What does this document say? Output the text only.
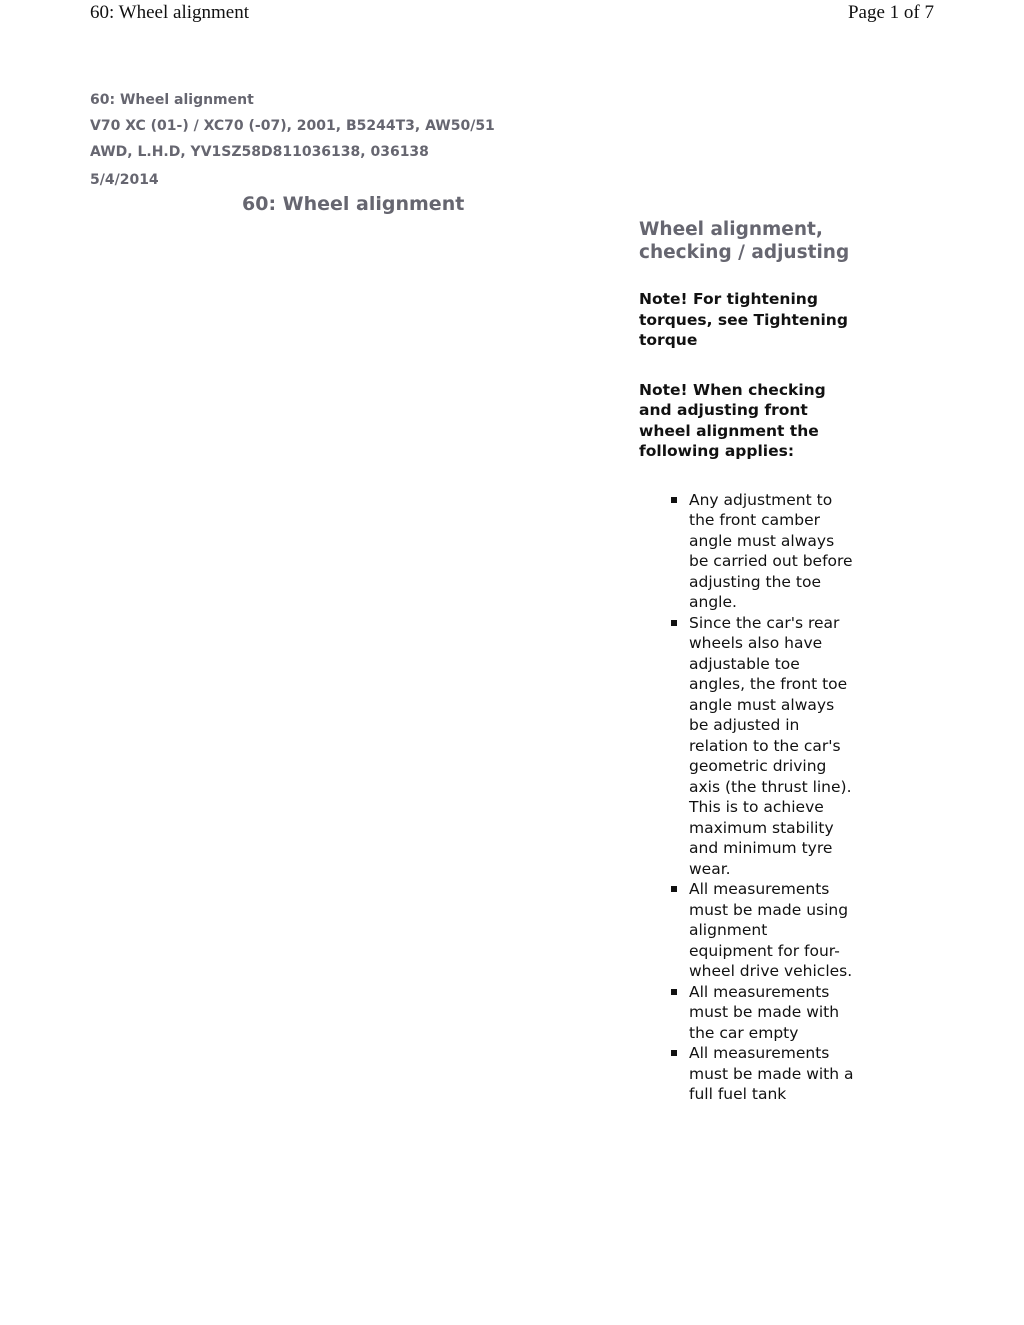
60: Wheel alignment	Page 1 of 7
60: Wheel alignment
V70 XC (01-) / XC70 (-07), 2001, B5244T3, AW50/51
AWD, L.H.D, YV1SZ58D811036138, 036138
5/4/2014
60: Wheel alignment
Wheel alignment, checking / adjusting

Note! For tightening torques, see Tightening torque

Note! When checking and adjusting front wheel alignment the following applies:

Any adjustment to the front camber angle must always be carried out before adjusting the toe angle.
Since the car's rear wheels also have adjustable toe angles, the front toe angle must always be adjusted in relation to the car's geometric driving axis (the thrust line). This is to achieve maximum stability and minimum tyre wear.
All measurements must be made using alignment equipment for four-wheel drive vehicles.
All measurements must be made with the car empty
All measurements must be made with a full fuel tank
